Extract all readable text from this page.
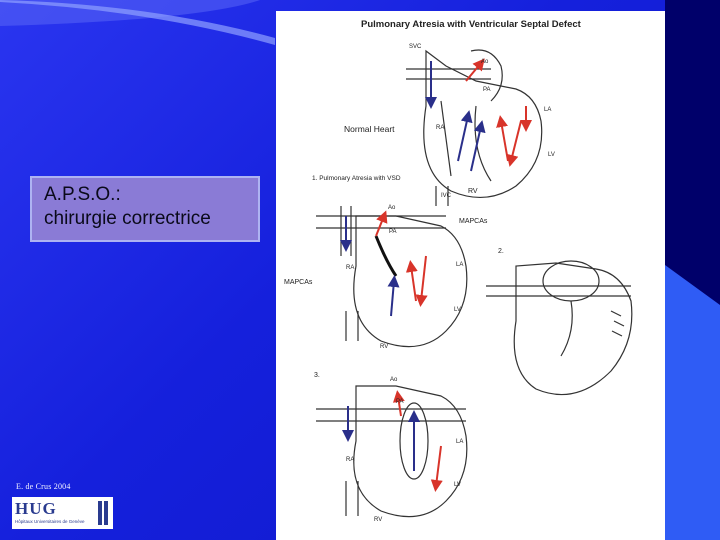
A.P.S.O.:
chirurgie correctrice
Pulmonary Atresia with Ventricular Septal Defect
SVC
Ao
PA
LA
RA
LV
IVC
RV
Normal Heart
1. Pulmonary Atresia with VSD
Ao
PA
RA	LA
LV
RV
MAPCAs
MAPCAs
2.
3.
Ao
PA
RA
LA
LV
RV
E. de Crus 2004
HUG
Hôpitaux Universitaires de Genève
